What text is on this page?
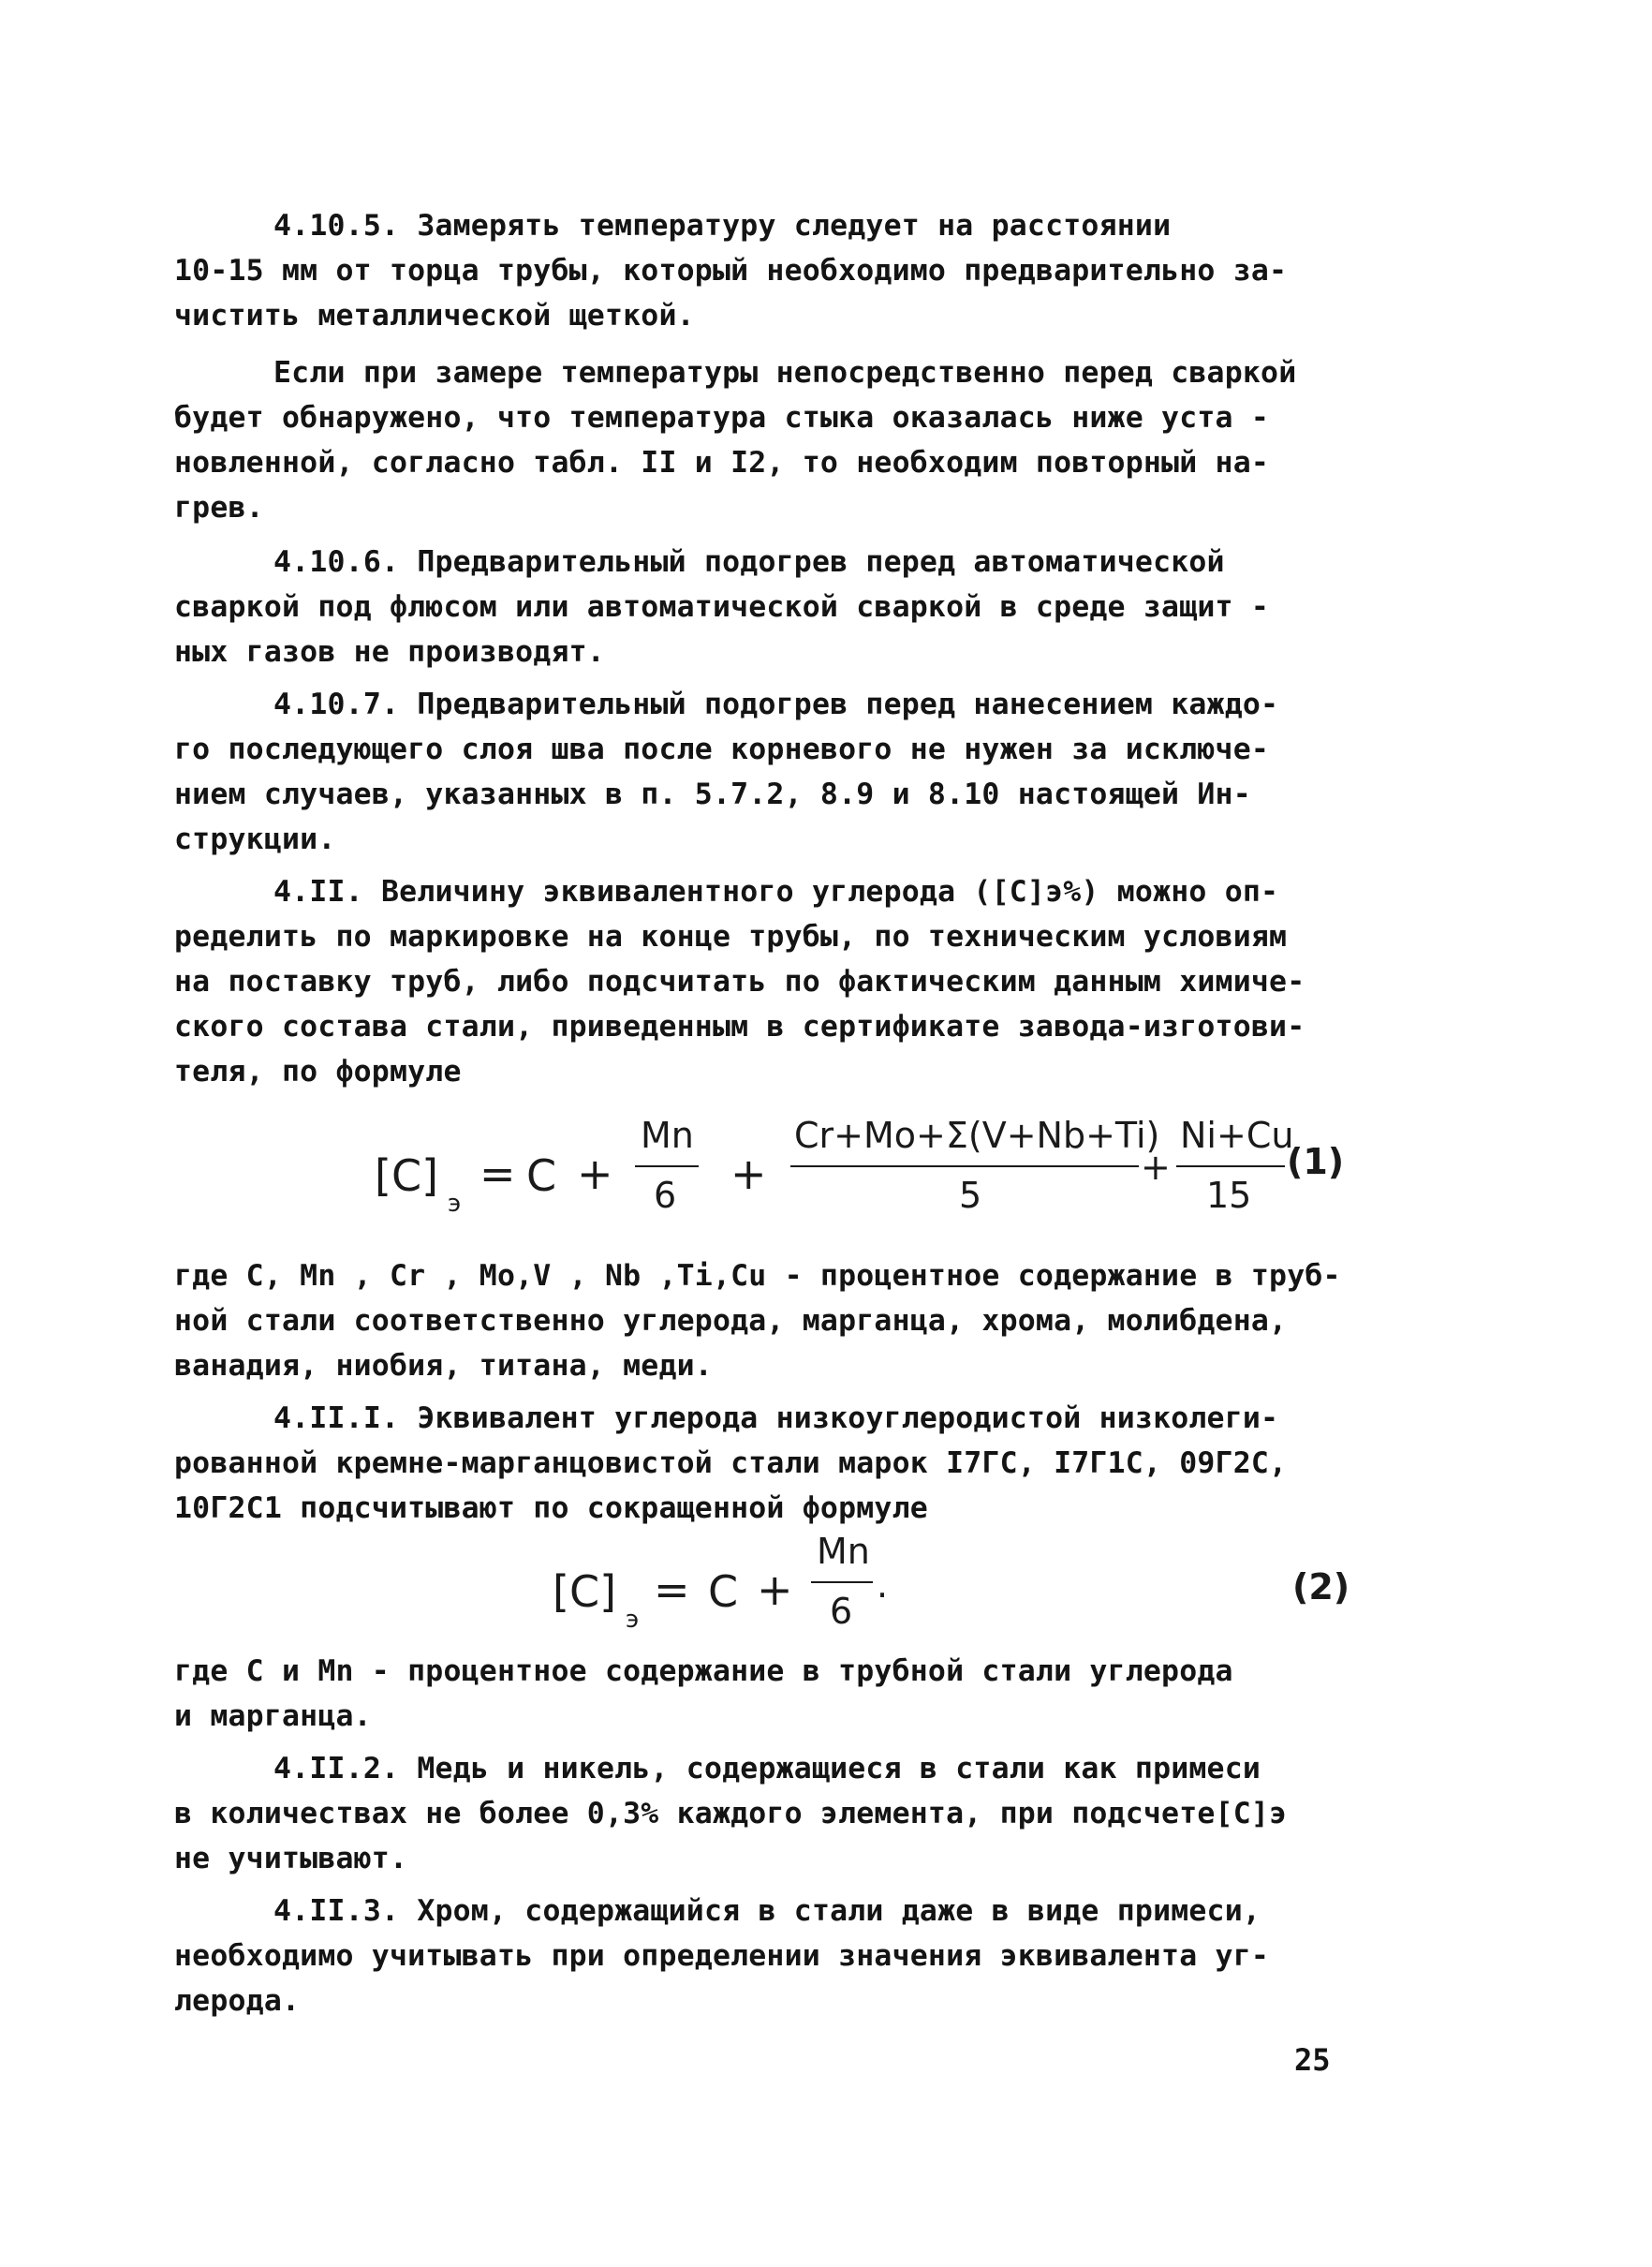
4.10.5. Замерять температуру следует на расстоянии
10-15 мм от торца трубы, который необходимо предварительно за-
чистить металлической щеткой.
Если при замере температуры непосредственно перед сваркой
будет обнаружено, что температура стыка оказалась ниже уста -
новленной, согласно табл. II и I2, то необходим повторный на-
грев.
4.10.6. Предварительный подогрев перед автоматической
сваркой под флюсом или автоматической сваркой в среде защит -
ных газов не производят.
4.10.7. Предварительный подогрев перед нанесением каждо-
го последующего слоя шва после корневого не нужен за исключе-
нием случаев, указанных в п. 5.7.2, 8.9 и 8.10 настоящей Ин-
струкции.
4.II. Величину эквивалентного углерода ([С]э%) можно оп-
ределить по маркировке на конце трубы, по техническим условиям
на поставку труб, либо подсчитать по фактическим данным химиче-
ского состава стали, приведенным в сертификате завода-изготови-
теля, по формуле
[C]
э
= C +
Mn
6 +
Cr+Mo+Σ(V+Nb+Ti)
5
+
Ni+Cu
15
(1)
где С, Мn , Cr , Mo,V , Nb ,Ti,Cu - процентное содержание в труб-
ной стали соответственно углерода, марганца, хрома, молибдена,
ванадия, ниобия, титана, меди.
4.II.I. Эквивалент углерода низкоуглеродистой низколеги-
рованной кремне-марганцовистой стали марок I7ГС, I7Г1С, 09Г2С,
10Г2С1 подсчитывают по сокращенной формуле
[C]
э
= C +
Mn
6
.	(2)
где С и Мn - процентное содержание в трубной стали углерода
и марганца.
4.II.2. Медь и никель, содержащиеся в стали как примеси
в количествах не более 0,3% каждого элемента, при подсчете[С]э
не учитывают.
4.II.3. Хром, содержащийся в стали даже в виде примеси,
необходимо учитывать при определении значения эквивалента уг-
лерода.
25
